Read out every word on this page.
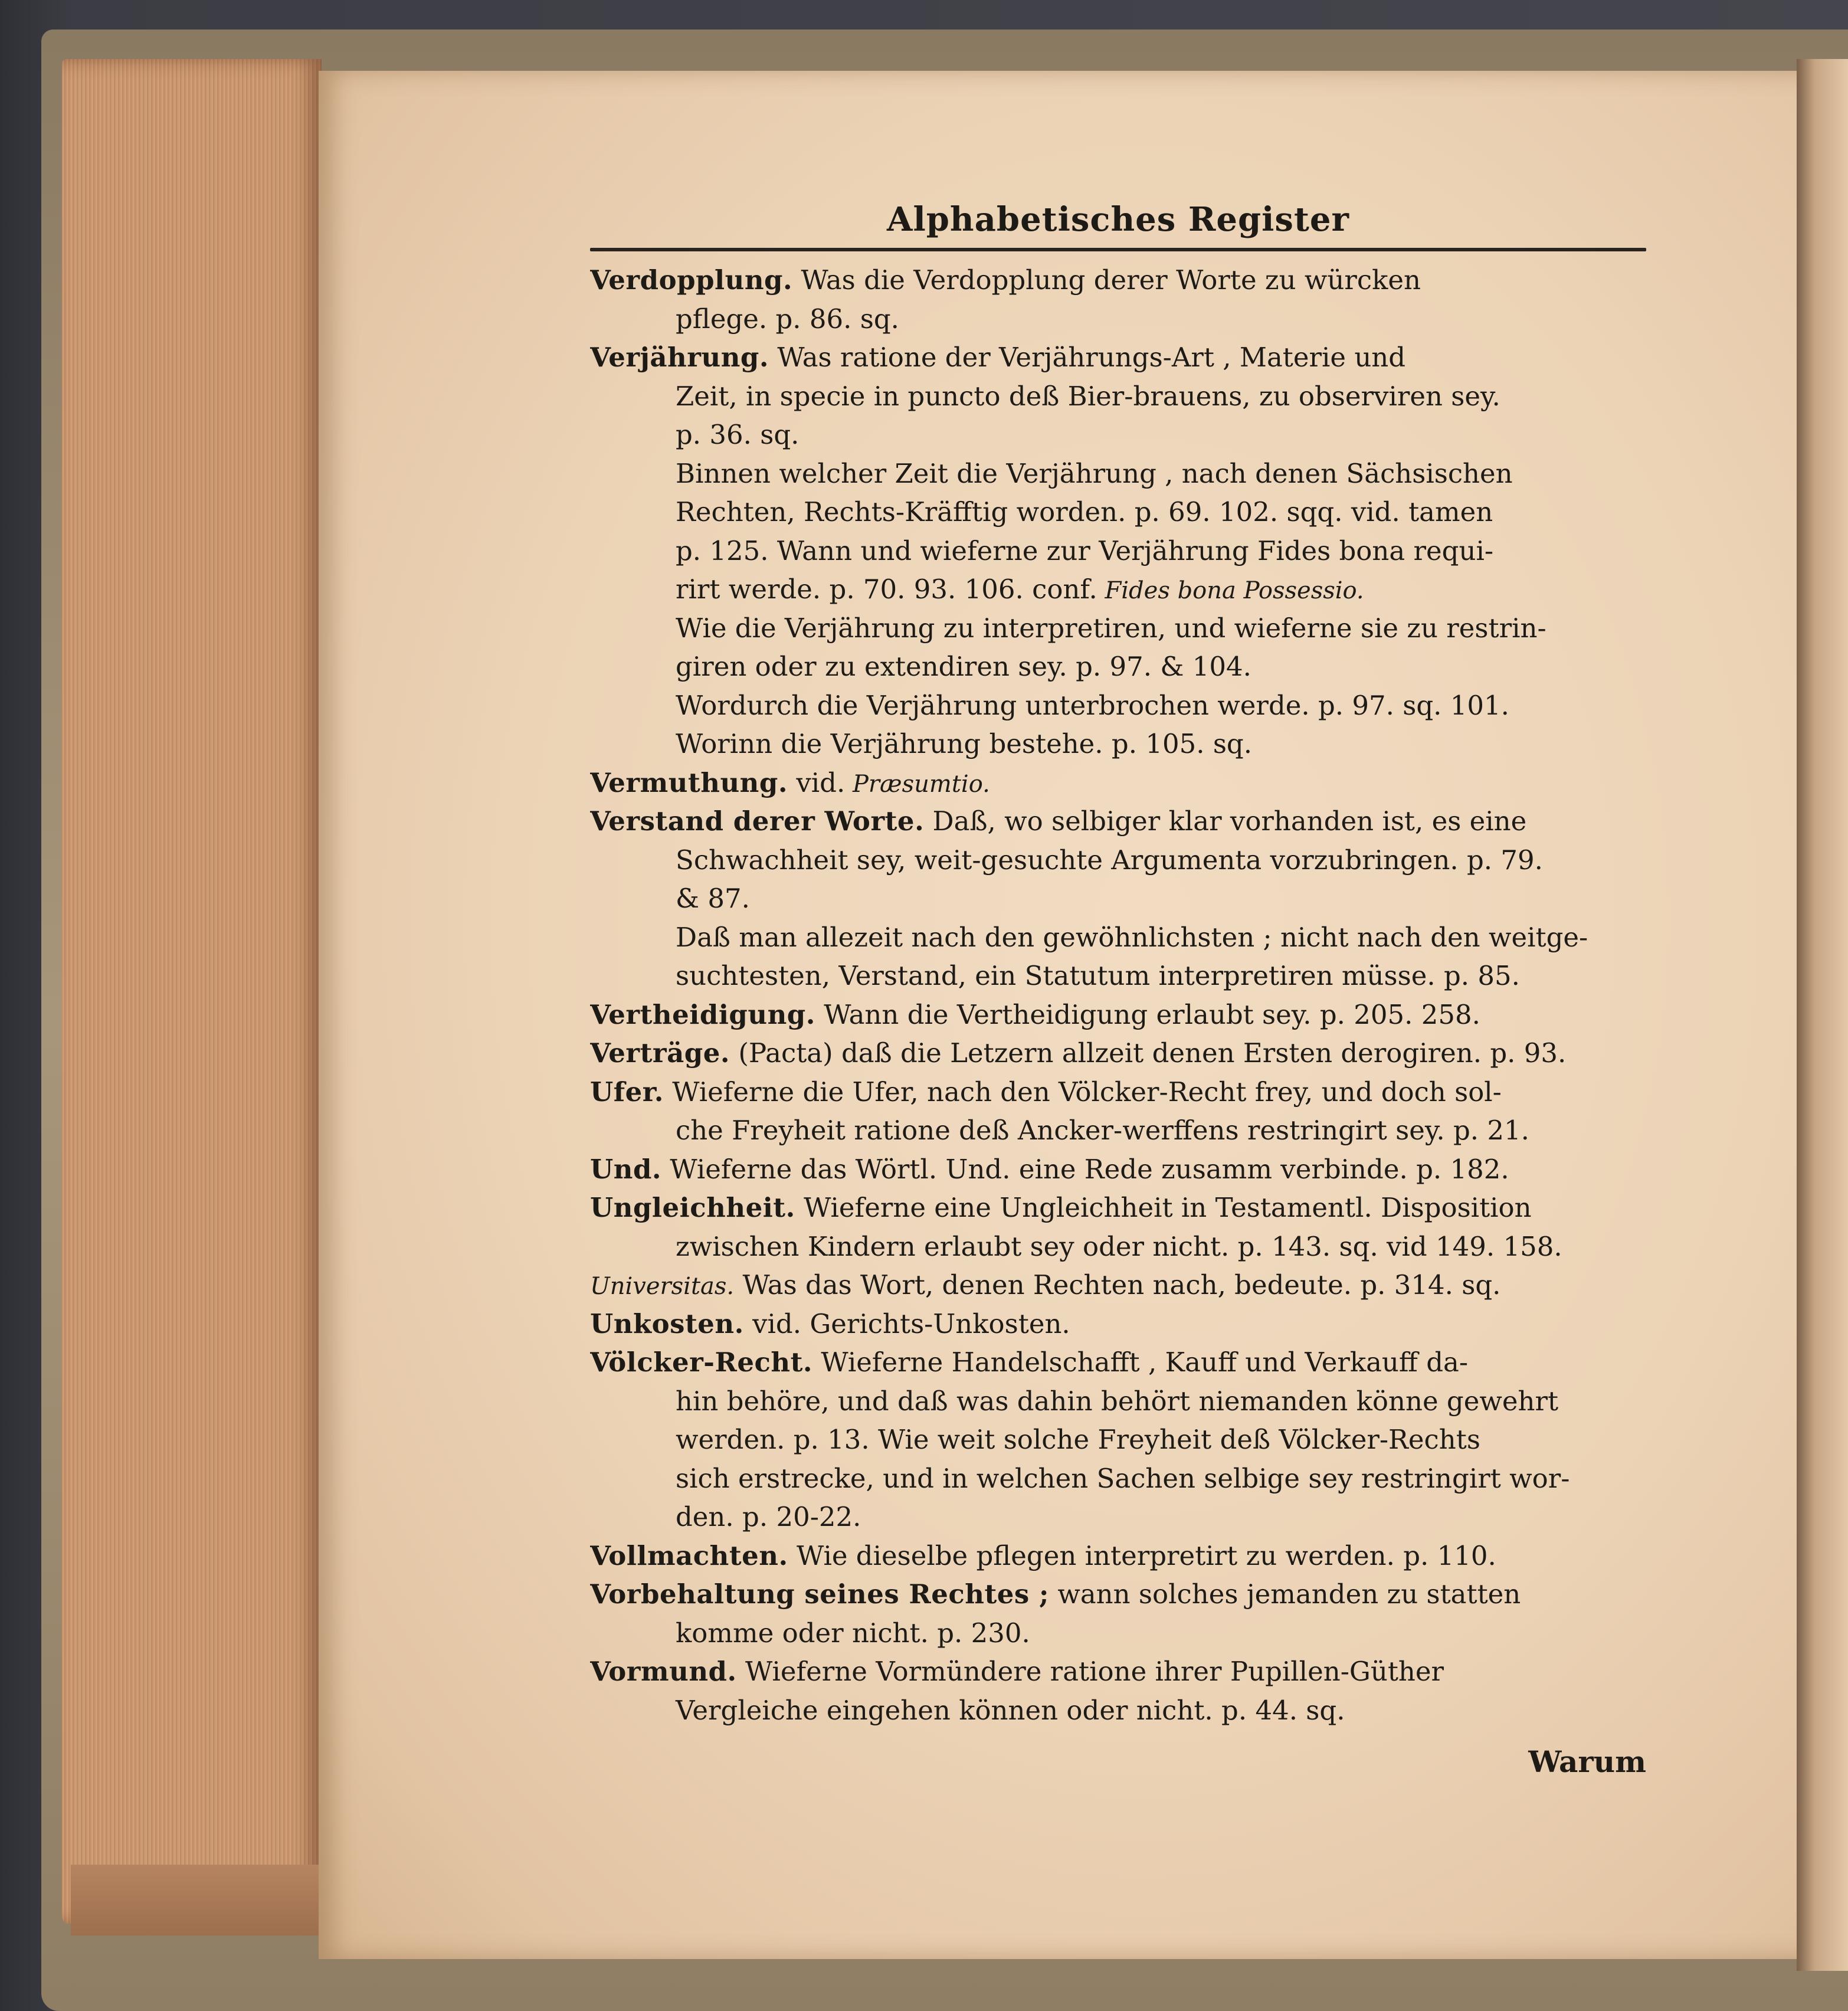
Alphabetisches Register
Verdopplung. Was die Verdopplung derer Worte zu würcken
pflege. p. 86. sq.
Verjährung. Was ratione der Verjährungs-Art , Materie und
Zeit, in specie in puncto deß Bier-brauens, zu observiren sey.
p. 36. sq.
Binnen welcher Zeit die Verjährung , nach denen Sächsischen
Rechten, Rechts-Kräfftig worden. p. 69. 102. sqq. vid. tamen
p. 125. Wann und wieferne zur Verjährung Fides bona requi-
rirt werde. p. 70. 93. 106. conf. Fides bona Possessio.
Wie die Verjährung zu interpretiren, und wieferne sie zu restrin-
giren oder zu extendiren sey. p. 97. & 104.
Wordurch die Verjährung unterbrochen werde. p. 97. sq. 101.
Worinn die Verjährung bestehe. p. 105. sq.
Vermuthung. vid. Præsumtio.
Verstand derer Worte. Daß, wo selbiger klar vorhanden ist, es eine
Schwachheit sey, weit-gesuchte Argumenta vorzubringen. p. 79.
& 87.
Daß man allezeit nach den gewöhnlichsten ; nicht nach den weitge-
suchtesten, Verstand, ein Statutum interpretiren müsse. p. 85.
Vertheidigung. Wann die Vertheidigung erlaubt sey. p. 205. 258.
Verträge. (Pacta) daß die Letzern allzeit denen Ersten derogiren. p. 93.
Ufer. Wieferne die Ufer, nach den Völcker-Recht frey, und doch sol-
che Freyheit ratione deß Ancker-werffens restringirt sey. p. 21.
Und. Wieferne das Wörtl. Und. eine Rede zusamm verbinde. p. 182.
Ungleichheit. Wieferne eine Ungleichheit in Testamentl. Disposition
zwischen Kindern erlaubt sey oder nicht. p. 143. sq. vid 149. 158.
Universitas. Was das Wort, denen Rechten nach, bedeute. p. 314. sq.
Unkosten. vid. Gerichts-Unkosten.
Völcker-Recht. Wieferne Handelschafft , Kauff und Verkauff da-
hin behöre, und daß was dahin behört niemanden könne gewehrt
werden. p. 13. Wie weit solche Freyheit deß Völcker-Rechts
sich erstrecke, und in welchen Sachen selbige sey restringirt wor-
den. p. 20-22.
Vollmachten. Wie dieselbe pflegen interpretirt zu werden. p. 110.
Vorbehaltung seines Rechtes ; wann solches jemanden zu statten
komme oder nicht. p. 230.
Vormund. Wieferne Vormündere ratione ihrer Pupillen-Güther
Vergleiche eingehen können oder nicht. p. 44. sq.
Warum
